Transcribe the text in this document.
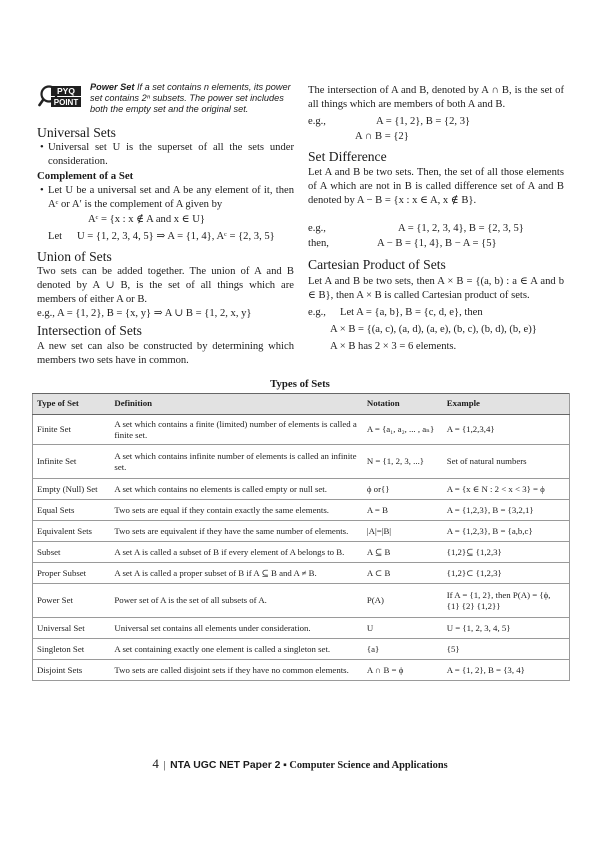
PYQ
POINT
Power Set If a set contains n elements, its power set contains 2ⁿ subsets. The power set includes both the empty set and the original set.
Universal Sets
• Universal set U is the superset of all the sets under consideration.
Complement of a Set
• Let U be a universal set and A be any element of it, then Aᶜ or A′ is the complement of A given by
Aᶜ = {x : x ∉ A and x ∈ U}
Let U = {1, 2, 3, 4, 5} ⇒ A = {1, 4}, Aᶜ = {2, 3, 5}
Union of Sets
Two sets can be added together. The union of A and B denoted by A ∪ B, is the set of all things which are members of either A or B.
e.g., A = {1, 2}, B = {x, y} ⇒ A ∪ B = {1, 2, x, y}
Intersection of Sets
A new set can also be constructed by determining which members two sets have in common.
The intersection of A and B, denoted by A ∩ B, is the set of all things which are members of both A and B.
e.g.,	A = {1, 2}, B = {2, 3}
A ∩ B = {2}
Set Difference
Let A and B be two sets. Then, the set of all those elements of A which are not in B is called difference set of A and B denoted by A − B = {x : x ∈ A, x ∉ B}.
e.g.,	A = {1, 2, 3, 4}, B = {2, 3, 5}
then,	A − B = {1, 4}, B − A = {5}
Cartesian Product of Sets
Let A and B be two sets, then A × B = {(a, b) : a ∈ A and b ∈ B}, then A × B is called Cartesian product of sets.
e.g., Let A = {a, b}, B = {c, d, e}, then
A × B = {(a, c), (a, d), (a, e), (b, c), (b, d), (b, e)}
A × B has 2 × 3 = 6 elements.
Types of Sets
Type of Set	Definition	Notation	Example
Finite Set	A set which contains a finite (limited) number of elements is called a finite set.	A = {a₁, a₂, ... , aₙ}	A = {1,2,3,4}
Infinite Set	A set which contains infinite number of elements is called an infinite set.	N = {1, 2, 3, ...}	Set of natural numbers
Empty (Null) Set	A set which contains no elements is called empty or null set.	ϕ or{}	A = {x ∈ N : 2 < x < 3} = ϕ
Equal Sets	Two sets are equal if they contain exactly the same elements.	A = B	A = {1,2,3}, B = {3,2,1}
Equivalent Sets	Two sets are equivalent if they have the same number of elements.	|A|=|B|	A = {1,2,3}, B = {a,b,c}
Subset	A set A is called a subset of B if every element of A belongs to B.	A ⊆ B	{1,2}⊆ {1,2,3}
Proper Subset	A set A is called a proper subset of B if A ⊆ B and A ≠ B.	A ⊂ B	{1,2}⊂ {1,2,3}
Power Set	Power set of A is the set of all subsets of A.	P(A)	If A = {1, 2}, then P(A) = {ϕ, {1} {2} {1,2}}
Universal Set	Universal set contains all elements under consideration.	U	U = {1, 2, 3, 4, 5}
Singleton Set	A set containing exactly one element is called a singleton set.	{a}	{5}
Disjoint Sets	Two sets are called disjoint sets if they have no common elements.	A ∩ B = ϕ	A = {1, 2}, B = {3, 4}
4 | NTA UGC NET Paper 2 ▪ Computer Science and Applications
